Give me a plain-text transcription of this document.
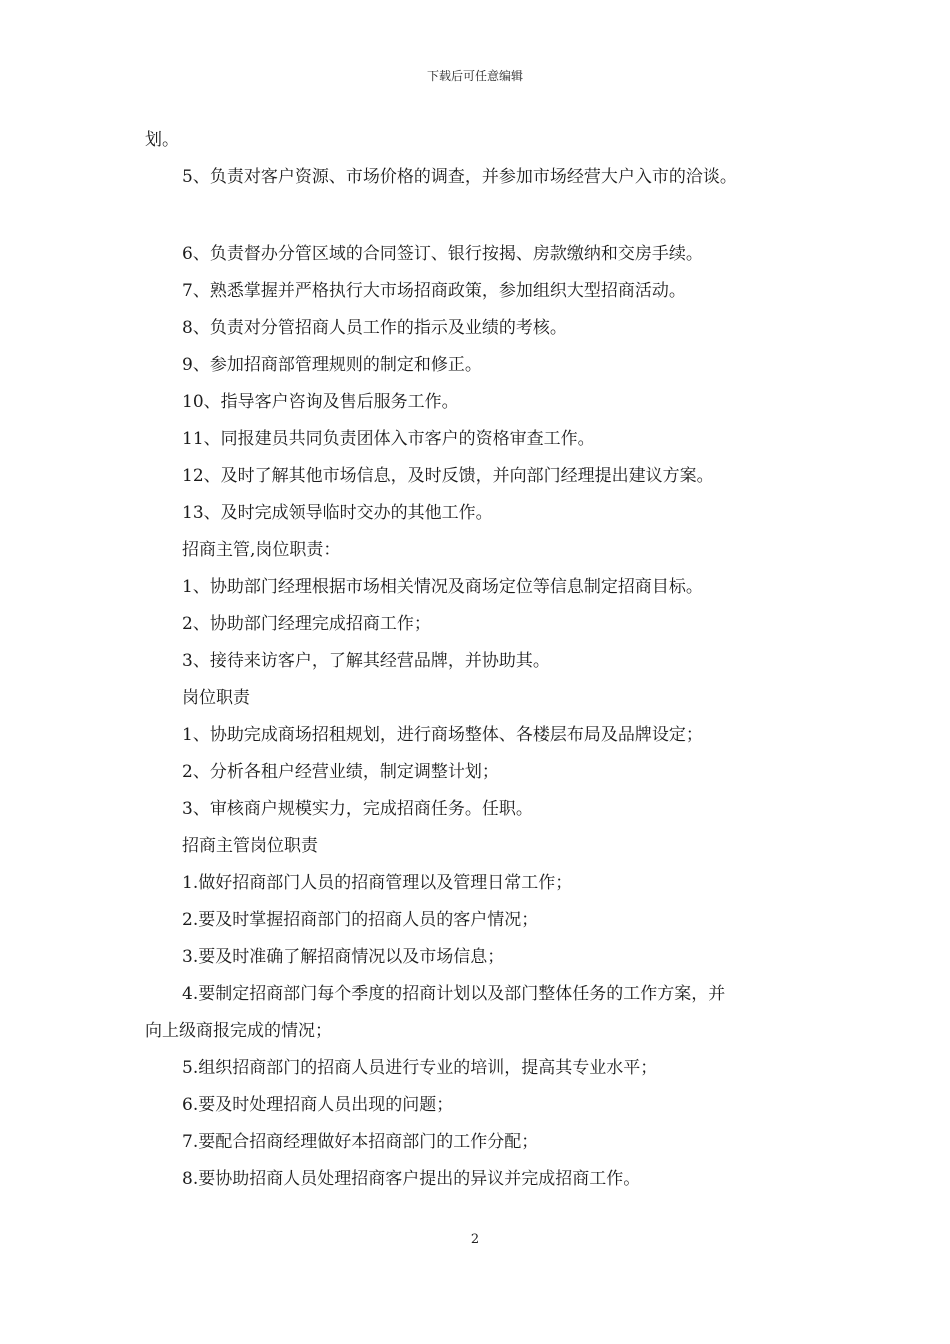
下载后可任意编辑

划。

5、负责对客户资源、市场价格的调查，并参加市场经营大户入市的洽谈。

6、负责督办分管区域的合同签订、银行按揭、房款缴纳和交房手续。

7、熟悉掌握并严格执行大市场招商政策，参加组织大型招商活动。

8、负责对分管招商人员工作的指示及业绩的考核。

9、参加招商部管理规则的制定和修正。

10、指导客户咨询及售后服务工作。

11、同报建员共同负责团体入市客户的资格审查工作。

12、及时了解其他市场信息，及时反馈，并向部门经理提出建议方案。

13、及时完成领导临时交办的其他工作。

招商主管,岗位职责：

1、协助部门经理根据市场相关情况及商场定位等信息制定招商目标。

2、协助部门经理完成招商工作；

3、接待来访客户，了解其经营品牌，并协助其。

岗位职责

1、协助完成商场招租规划，进行商场整体、各楼层布局及品牌设定；

2、分析各租户经营业绩，制定调整计划；

3、审核商户规模实力，完成招商任务。任职。

招商主管岗位职责

1.做好招商部门人员的招商管理以及管理日常工作；

2.要及时掌握招商部门的招商人员的客户情况；

3.要及时准确了解招商情况以及市场信息；

4.要制定招商部门每个季度的招商计划以及部门整体任务的工作方案，并

向上级商报完成的情况；

5.组织招商部门的招商人员进行专业的培训，提高其专业水平；

6.要及时处理招商人员出现的问题；

7.要配合招商经理做好本招商部门的工作分配；

8.要协助招商人员处理招商客户提出的异议并完成招商工作。

2
